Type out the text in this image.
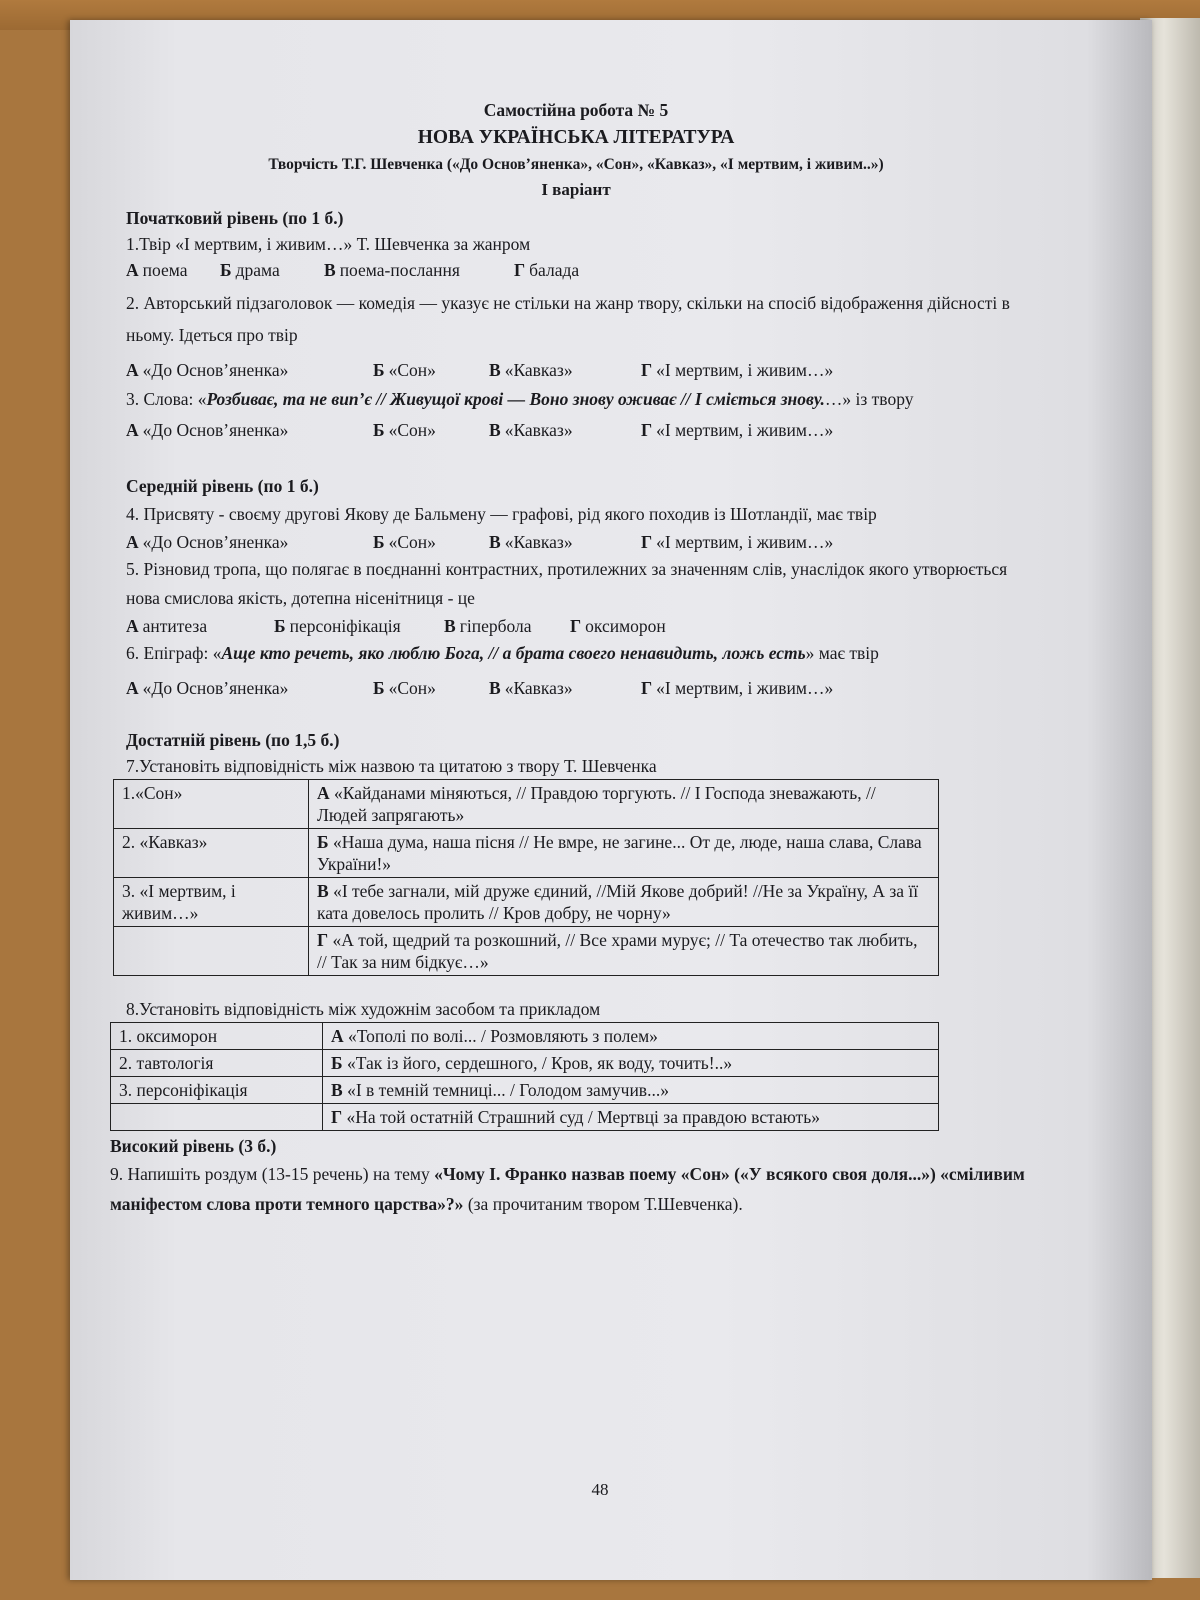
Самостійна робота № 5
НОВА УКРАЇНСЬКА ЛІТЕРАТУРА
Творчість Т.Г. Шевченка («До Основ’яненка», «Сон», «Кавказ», «І мертвим, і живим..»)
І варіант
Початковий рівень (по 1 б.)

1.Твір «І мертвим, і живим…» Т. Шевченка за жанром

А поема	Б драма	В поема-послання	Г балада

2. Авторський підзаголовок — комедія — указує не стільки на жанр твору, скільки на спосіб відображення дійсності в ньому. Ідеться про твір

А «До Основ’яненка»	Б «Сон»	В «Кавказ»	Г «І мертвим, і живим…»

3. Слова: «Розбиває, та не вип’є // Живущої крові — Воно знову оживає // І сміється знову.…» із твору

А «До Основ’яненка»	Б «Сон»	В «Кавказ»	Г «І мертвим, і живим…»
Середній рівень (по 1 б.)

4. Присвяту - своєму другові Якову де Бальмену — графові, рід якого походив із Шотландії, має твір

А «До Основ’яненка»	Б «Сон»	В «Кавказ»	Г «І мертвим, і живим…»

5. Різновид тропа, що полягає в поєднанні контрастних, протилежних за значенням слів, унаслідок якого утворюється нова смислова якість, дотепна нісенітниця - це

А антитеза	Б персоніфікація	В гіпербола	Г оксиморон

6. Епіграф: «Аще кто речеть, яко люблю Бога, // а брата своего ненавидить, ложь есть» має твір

А «До Основ’яненка»	Б «Сон»	В «Кавказ»	Г «І мертвим, і живим…»
Достатній рівень (по 1,5 б.)

7.Установіть відповідність між назвою та цитатою з твору Т. Шевченка

1.«Сон»	А «Кайданами міняються, // Правдою торгують. // І Господа зневажають, // Людей запрягають»
2. «Кавказ»	Б «Наша дума, наша пісня // Не вмре, не загине... От де, люде, наша слава, Слава України!»
3. «І мертвим, і живим…»	В «І тебе загнали, мій друже єдиний, //Мій Якове добрий! //Не за Україну, А за її ката довелось пролить // Кров добру, не чорну»
	Г «А той, щедрий та розкошний, // Все храми мурує; // Та отечество так любить, // Так за ним бідкує…»

8.Установіть відповідність між художнім засобом та прикладом

1. оксиморон	А «Тополі по волі... / Розмовляють з полем»
2. тавтологія	Б «Так із його, сердешного, / Кров, як воду, точить!..»
3. персоніфікація	В «І в темній темниці... / Голодом замучив...»
	Г «На той остатній Страшний суд / Мертвці за правдою встають»
Високий рівень (3 б.)

9. Напишіть роздум (13-15 речень) на тему «Чому І. Франко назвав поему «Сон» («У всякого своя доля...») «сміливим маніфестом слова проти темного царства»?» (за прочитаним твором Т.Шевченка).

48
